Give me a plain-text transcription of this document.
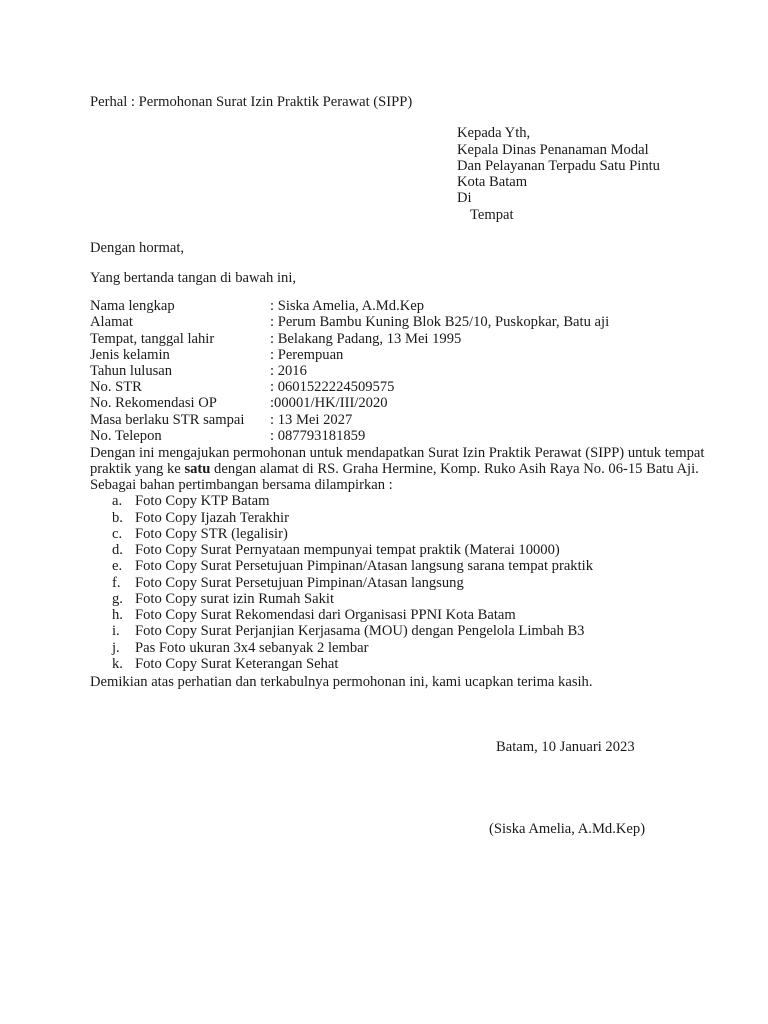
Perhal : Permohonan Surat Izin Praktik Perawat (SIPP)
Kepada Yth,
Kepala Dinas Penanaman Modal
Dan Pelayanan Terpadu Satu Pintu
Kota Batam
Di
Tempat
Dengan hormat,
Yang bertanda tangan di bawah ini,
Nama lengkap	: Siska Amelia, A.Md.Kep
Alamat	: Perum Bambu Kuning Blok B25/10, Puskopkar, Batu aji
Tempat, tanggal lahir	: Belakang Padang, 13 Mei 1995
Jenis kelamin	: Perempuan
Tahun lulusan	: 2016
No. STR	: 0601522224509575
No. Rekomendasi OP	:00001/HK/III/2020
Masa berlaku STR sampai : 13 Mei 2027
No. Telepon	: 087793181859
Dengan ini mengajukan permohonan untuk mendapatkan Surat Izin Praktik Perawat (SIPP) untuk tempat
praktik yang ke satu dengan alamat di RS. Graha Hermine, Komp. Ruko Asih Raya No. 06-15 Batu Aji.
Sebagai bahan pertimbangan bersama dilampirkan :
a. Foto Copy KTP Batam
b. Foto Copy Ijazah Terakhir
c. Foto Copy STR (legalisir)
d. Foto Copy Surat Pernyataan mempunyai tempat praktik (Materai 10000)
e. Foto Copy Surat Persetujuan Pimpinan/Atasan langsung sarana tempat praktik
f. Foto Copy Surat Persetujuan Pimpinan/Atasan langsung
g. Foto Copy surat izin Rumah Sakit
h. Foto Copy Surat Rekomendasi dari Organisasi PPNI Kota Batam
i. Foto Copy Surat Perjanjian Kerjasama (MOU) dengan Pengelola Limbah B3
j. Pas Foto ukuran 3x4 sebanyak 2 lembar
k. Foto Copy Surat Keterangan Sehat
Demikian atas perhatian dan terkabulnya permohonan ini, kami ucapkan terima kasih.
Batam, 10 Januari 2023
(Siska Amelia, A.Md.Kep)
